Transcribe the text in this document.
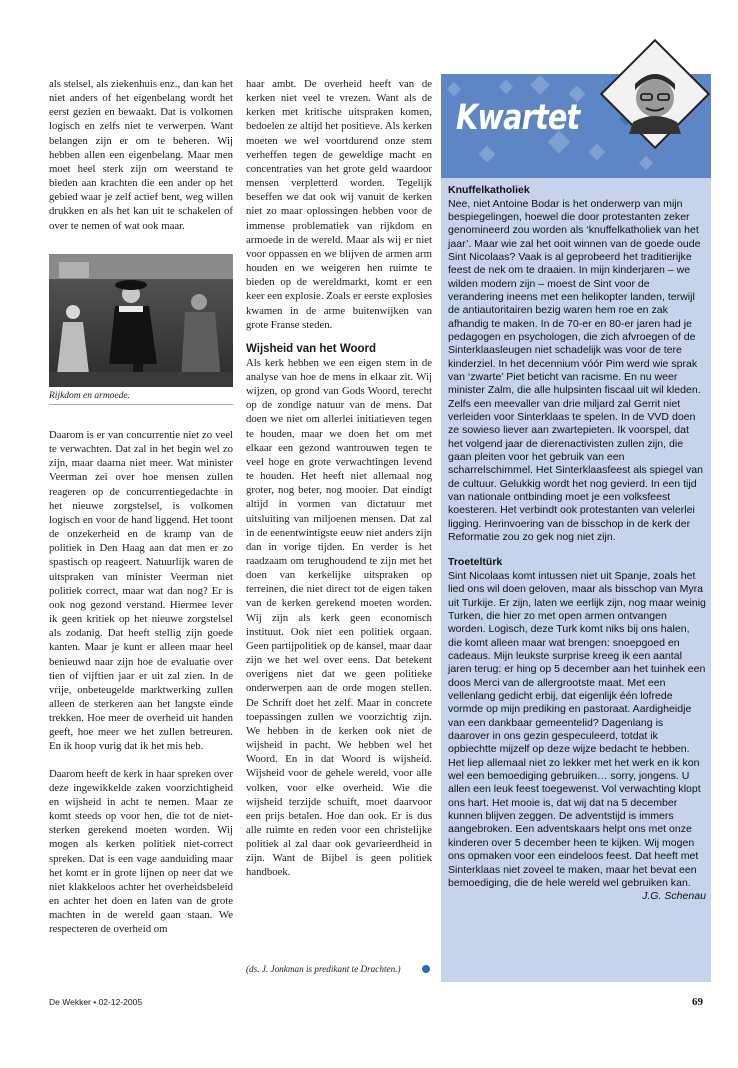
als stelsel, als ziekenhuis enz., dan kan het niet anders of het eigenbelang wordt het eerst gezien en bewaakt. Dat is volkomen logisch en zelfs niet te verwerpen. Want belangen zijn er om te beheren. Wij hebben allen een eigenbelang. Maar men moet heel sterk zijn om weerstand te bieden aan krachten die een ander op het gebied waar je zelf actief bent, weg willen drukken en als het kan uit te schakelen of over te nemen of wat ook maar.

Rijkdom en armoede.

Daarom is er van concurrentie niet zo veel te verwachten. Dat zal in het begin wel zo zijn, maar daarna niet meer. Wat minister Veerman zei over hoe mensen zullen reageren op de concurrentiegedachte in het nieuwe zorgstelsel, is volkomen logisch en voor de hand liggend. Het toont de onzekerheid en de kramp van de politiek in Den Haag aan dat men er zo spastisch op reageert. Natuurlijk waren de uitspraken van minister Veerman niet politiek correct, maar wat dan nog? Er is ook nog gezond verstand. Hiermee lever ik geen kritiek op het nieuwe zorgstelsel als zodanig. Dat heeft stellig zijn goede kanten. Maar je kunt er alleen maar heel benieuwd naar zijn hoe de evaluatie over tien of vijftien jaar er uit zal zien. In de vrije, onbeteugelde marktwerking zullen alleen de sterkeren aan het langste einde trekken. Hoe meer de overheid uit handen geeft, hoe meer we het zullen betreuren. En ik hoop vurig dat ik het mis heb.

Daarom heeft de kerk in haar spreken over deze ingewikkelde zaken voorzichtigheid en wijsheid in acht te nemen. Maar ze komt steeds op voor hen, die tot de niet-sterken gerekend moeten worden. Wij mogen als kerken politiek niet-correct spreken. Dat is een vage aanduiding maar het komt er in grote lijnen op neer dat we niet klakkeloos achter het overheidsbeleid en achter het doen en laten van de grote machten in de wereld gaan staan. We respecteren de overheid om

haar ambt. De overheid heeft van de kerken niet veel te vrezen. Want als de kerken met kritische uitspraken komen, bedoelen ze altijd het positieve. Als kerken moeten we wel voortdurend onze stem verheffen tegen de geweldige macht en concentraties van het grote geld waardoor mensen verpletterd worden. Tegelijk beseffen we dat ook wij vanuit de kerken niet zo maar oplossingen hebben voor de immense problematiek van rijkdom en armoede in de wereld. Maar als wij er niet voor oppassen en we blijven de armen arm houden en we weigeren hen ruimte te bieden op de wereldmarkt, komt er een keer een explosie. Zoals er eerste explosies kwamen in de arme buitenwijken van grote Franse steden.

Wijsheid van het Woord

Als kerk hebben we een eigen stem in de analyse van hoe de mens in elkaar zit. Wij wijzen, op grond van Gods Woord, terecht op de zondige natuur van de mens. Dat doen we niet om allerlei initiatieven tegen te houden, maar we doen het om met elkaar een gezond wantrouwen tegen te veel hoge en grote verwachtingen levend te houden. Het heeft niet allemaal nog groter, nog beter, nog mooier. Dat eindigt altijd in vormen van dictatuur met uitsluiting van miljoenen mensen. Dat zal in de eenentwintigste eeuw niet anders zijn dan in vorige tijden. En verder is het raadzaam om terughoudend te zijn met het doen van kerkelijke uitspraken op terreinen, die niet direct tot de eigen taken van de kerken gerekend moeten worden. Wij zijn als kerk geen economisch instituut. Ook niet een politiek orgaan. Geen partijpolitiek op de kansel, maar daar zijn we het wel over eens. Dat betekent overigens niet dat we geen politieke onderwerpen aan de orde mogen stellen. De Schrift doet het zelf. Maar in concrete toepassingen zullen we voorzichtig zijn. We hebben in de kerken ook niet de wijsheid in pacht. We hebben wel het Woord. En in dat Woord is wijsheid. Wijsheid voor de gehele wereld, voor alle volken, voor elke overheid. Wie die wijsheid terzijde schuift, moet daarvoor een prijs betalen. Hoe dan ook. Er is dus alle ruimte en reden voor een christelijke politiek al zal daar ook gevarieerdheid in zijn. Want de Bijbel is geen politiek handboek.

(ds. J. Jonkman is predikant te Drachten.)
Kwartet
Knuffelkatholiek

Nee, niet Antoine Bodar is het onderwerp van mijn bespiegelingen, hoewel die door protestanten zeker genomineerd zou worden als ‘knuffelkatholiek van het jaar’. Maar wie zal het ooit winnen van de goede oude Sint Nicolaas? Vaak is al geprobeerd het traditierijke feest de nek om te draaien. In mijn kinderjaren – we wilden modern zijn – moest de Sint voor de verandering ineens met een helikopter landen, terwijl de antiautoritairen bezig waren hem roe en zak afhandig te maken. In de 70-er en 80-er jaren had je pedagogen en psychologen, die zich afvroegen of de Sinterklaasleugen niet schadelijk was voor de tere kinderziel. In het decennium vóór Pim werd wie sprak van ‘zwarte’ Piet beticht van racisme. En nu weer minister Zalm, die alle hulpsinten fiscaal uit wil kleden. Zelfs een meevaller van drie miljard zal Gerrit niet verleiden voor Sinterklaas te spelen. In de VVD doen ze sowieso liever aan zwartepieten. Ik voorspel, dat het volgend jaar de dierenactivisten zullen zijn, die gaan pleiten voor het gebruik van een scharrelschimmel. Het Sinterklaasfeest als spiegel van de cultuur. Gelukkig wordt het nog gevierd. In een tijd van nationale ontbinding moet je een volksfeest koesteren. Het verbindt ook protestanten van velerlei ligging. Herinvoering van de bisschop in de kerk der Reformatie zou zo gek nog niet zijn.

Troeteltürk

Sint Nicolaas komt intussen niet uit Spanje, zoals het lied ons wil doen geloven, maar als bisschop van Myra uit Turkije. Er zijn, laten we eerlijk zijn, nog maar weinig Turken, die hier zo met open armen ontvangen worden. Logisch, deze Turk komt niks bij ons halen, die komt alleen maar wat brengen: snoepgoed en cadeaus. Mijn leukste surprise kreeg ik een aantal jaren terug: er hing op 5 december aan het tuinhek een doos Merci van de allergrootste maat. Met een vellenlang gedicht erbij, dat eigenlijk één lofrede vormde op mijn prediking en pastoraat. Aardigheidje van een dankbaar gemeentelid? Dagenlang is daarover in ons gezin gespeculeerd, totdat ik opbiechtte mijzelf op deze wijze bedacht te hebben. Het liep allemaal niet zo lekker met het werk en ik kon wel een bemoediging gebruiken… sorry, jongens. U allen een leuk feest toegewenst. Vol verwachting klopt ons hart. Het mooie is, dat wij dat na 5 december kunnen blijven zeggen. De adventstijd is immers aangebroken. Een adventskaars helpt ons met onze kinderen over 5 december heen te kijken. Wij mogen ons opmaken voor een eindeloos feest. Dat heeft met Sinterklaas niet zoveel te maken, maar het bevat een bemoediging, die de hele wereld wel gebruiken kan.

J.G. Schenau

De Wekker • 02-12-2005	69
